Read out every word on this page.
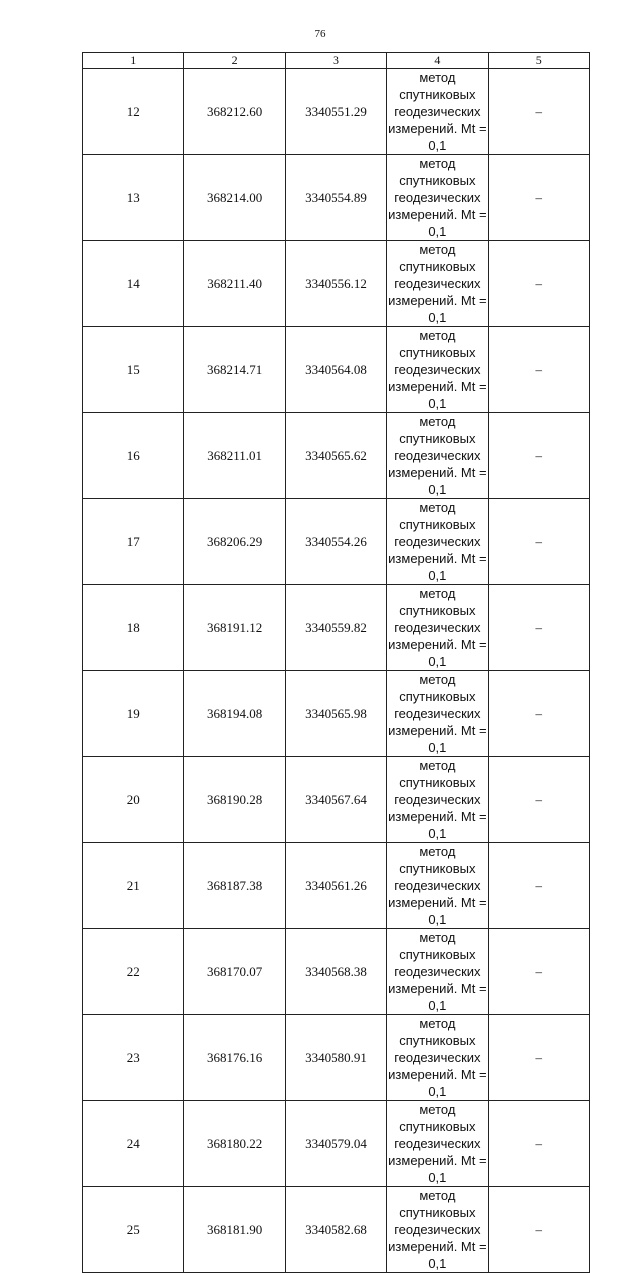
76
1	2	3	4	5
12	368212.60	3340551.29	метод спутниковых
геодезических
измерений. Mt = 0,1	–
13	368214.00	3340554.89	метод спутниковых
геодезических
измерений. Mt = 0,1	–
14	368211.40	3340556.12	метод спутниковых
геодезических
измерений. Mt = 0,1	–
15	368214.71	3340564.08	метод спутниковых
геодезических
измерений. Mt = 0,1	–
16	368211.01	3340565.62	метод спутниковых
геодезических
измерений. Mt = 0,1	–
17	368206.29	3340554.26	метод спутниковых
геодезических
измерений. Mt = 0,1	–
18	368191.12	3340559.82	метод спутниковых
геодезических
измерений. Mt = 0,1	–
19	368194.08	3340565.98	метод спутниковых
геодезических
измерений. Mt = 0,1	–
20	368190.28	3340567.64	метод спутниковых
геодезических
измерений. Mt = 0,1	–
21	368187.38	3340561.26	метод спутниковых
геодезических
измерений. Mt = 0,1	–
22	368170.07	3340568.38	метод спутниковых
геодезических
измерений. Mt = 0,1	–
23	368176.16	3340580.91	метод спутниковых
геодезических
измерений. Mt = 0,1	–
24	368180.22	3340579.04	метод спутниковых
геодезических
измерений. Mt = 0,1	–
25	368181.90	3340582.68	метод спутниковых
геодезических
измерений. Mt = 0,1	–
